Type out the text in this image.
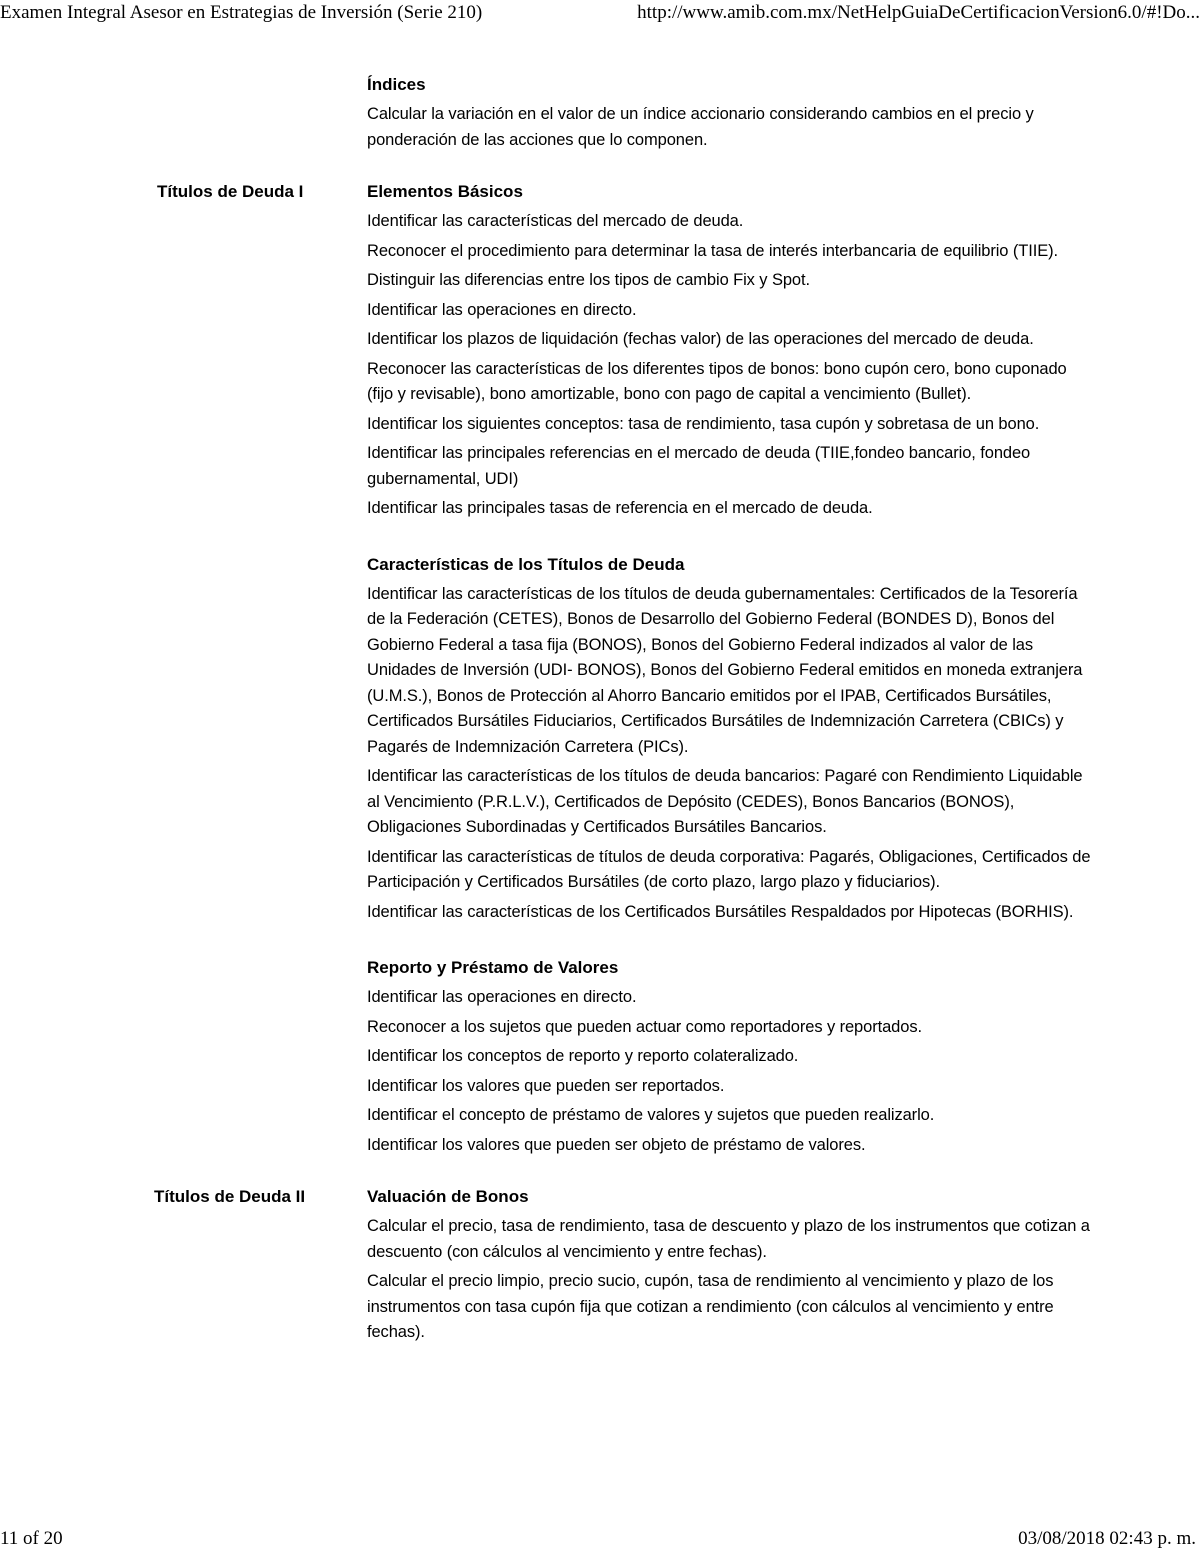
Examen Integral Asesor en Estrategias de Inversión (Serie 210)	http://www.amib.com.mx/NetHelpGuiaDeCertificacionVersion6.0/#!Do...
Índices
Calcular la variación en el valor de un índice accionario considerando cambios en el precio y ponderación de las acciones que lo componen.
Títulos de Deuda I	Elementos Básicos
Identificar las características del mercado de deuda.
Reconocer el procedimiento para determinar la tasa de interés interbancaria de equilibrio (TIIE).
Distinguir las diferencias entre los tipos de cambio Fix y Spot.
Identificar las operaciones en directo.
Identificar los plazos de liquidación (fechas valor) de las operaciones del mercado de deuda.
Reconocer las características de los diferentes tipos de bonos: bono cupón cero, bono cuponado (fijo y revisable), bono amortizable, bono con pago de capital a vencimiento (Bullet).
Identificar los siguientes conceptos: tasa de rendimiento, tasa cupón y sobretasa de un bono.
Identificar las principales referencias en el mercado de deuda (TIIE,fondeo bancario, fondeo gubernamental, UDI)
Identificar las principales tasas de referencia en el mercado de deuda.
Características de los Títulos de Deuda
Identificar las características de los títulos de deuda gubernamentales: Certificados de la Tesorería de la Federación (CETES), Bonos de Desarrollo del Gobierno Federal (BONDES D), Bonos del Gobierno Federal a tasa fija (BONOS), Bonos del Gobierno Federal indizados al valor de las Unidades de Inversión (UDI- BONOS), Bonos del Gobierno Federal emitidos en moneda extranjera (U.M.S.), Bonos de Protección al Ahorro Bancario emitidos por el IPAB, Certificados Bursátiles, Certificados Bursátiles Fiduciarios, Certificados Bursátiles de Indemnización Carretera (CBICs) y Pagarés de Indemnización Carretera (PICs).
Identificar las características de los títulos de deuda bancarios: Pagaré con Rendimiento Liquidable al Vencimiento (P.R.L.V.), Certificados de Depósito (CEDES), Bonos Bancarios (BONOS), Obligaciones Subordinadas y Certificados Bursátiles Bancarios.
Identificar las características de títulos de deuda corporativa: Pagarés, Obligaciones, Certificados de Participación y Certificados Bursátiles (de corto plazo, largo plazo y fiduciarios).
Identificar las características de los Certificados Bursátiles Respaldados por Hipotecas (BORHIS).
Reporto y Préstamo de Valores
Identificar las operaciones en directo.
Reconocer a los sujetos que pueden actuar como reportadores y reportados.
Identificar los conceptos de reporto y reporto colateralizado.
Identificar los valores que pueden ser reportados.
Identificar el concepto de préstamo de valores y sujetos que pueden realizarlo.
Identificar los valores que pueden ser objeto de préstamo de valores.
Títulos de Deuda II	Valuación de Bonos
Calcular el precio, tasa de rendimiento, tasa de descuento y plazo de los instrumentos que cotizan a descuento (con cálculos al vencimiento y entre fechas).
Calcular el precio limpio, precio sucio, cupón, tasa de rendimiento al vencimiento y plazo de los instrumentos con tasa cupón fija que cotizan a rendimiento (con cálculos al vencimiento y entre fechas).
11 of 20	03/08/2018 02:43 p. m.
